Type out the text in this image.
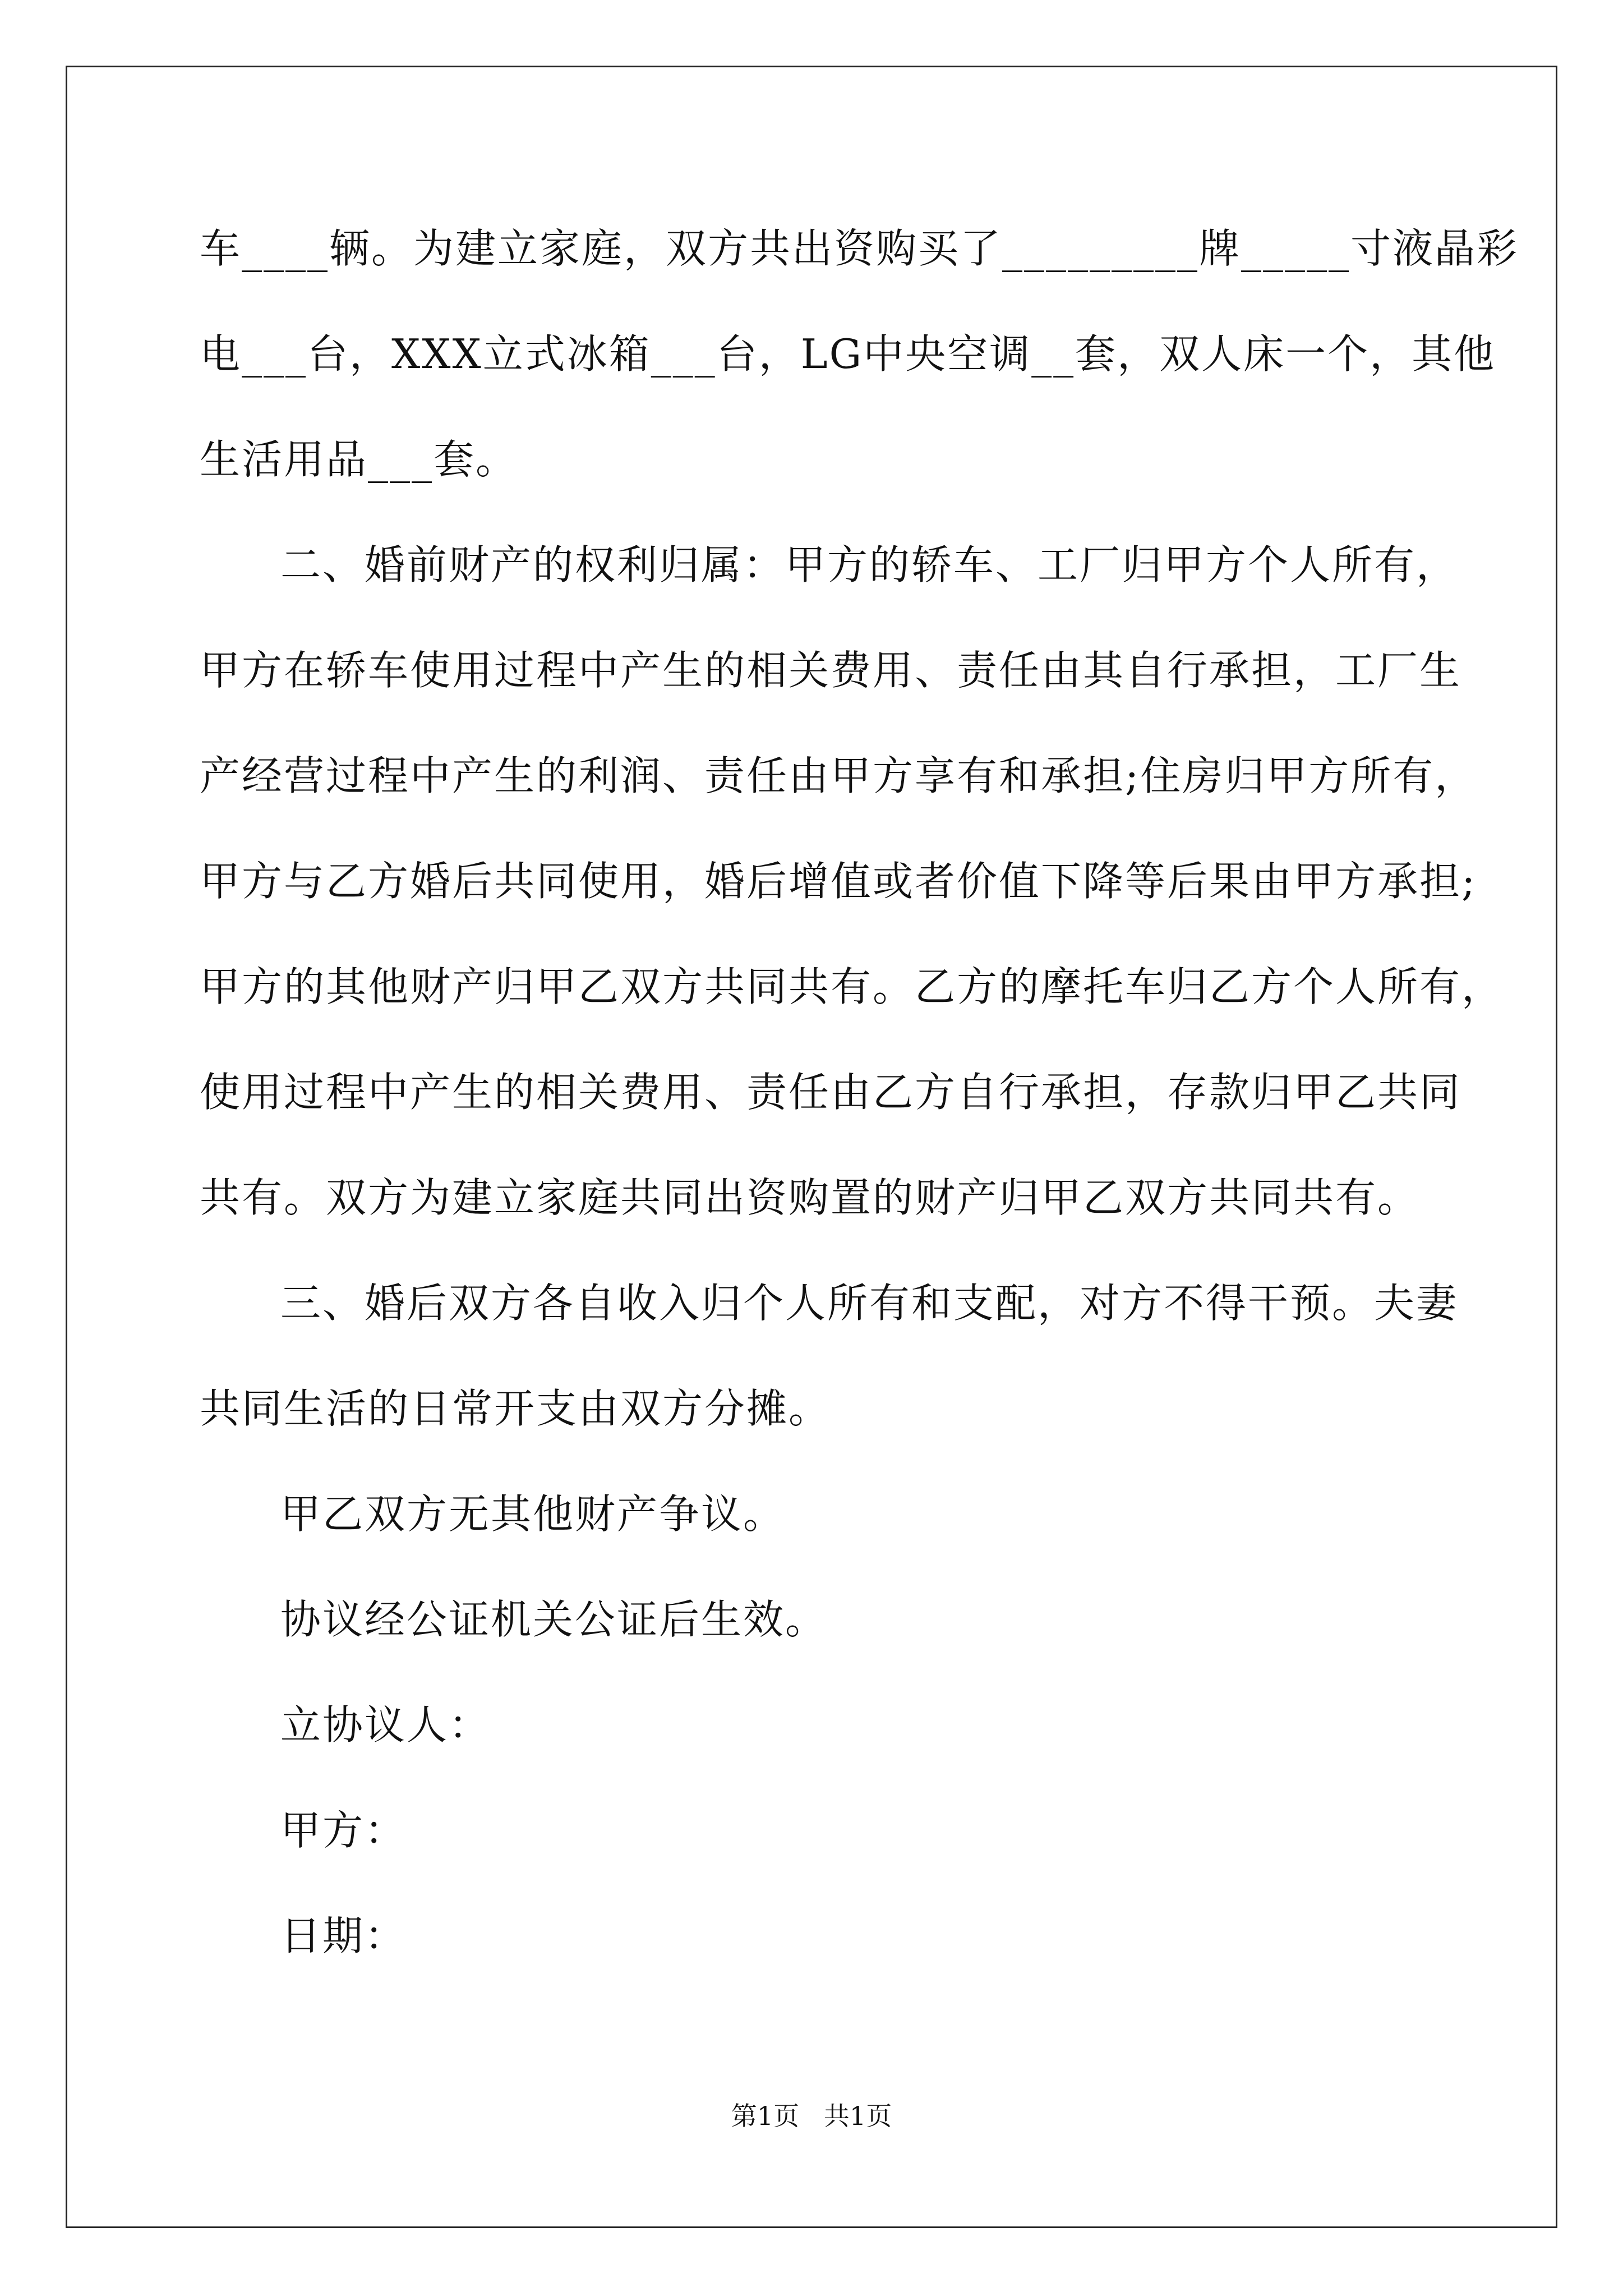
车____辆。为建立家庭，双方共出资购买了_________牌_____寸液晶彩
电___台，XXX立式冰箱___台，LG中央空调__套，双人床一个，其他
生活用品___套。
二、婚前财产的权利归属：甲方的轿车、工厂归甲方个人所有，
甲方在轿车使用过程中产生的相关费用、责任由其自行承担，工厂生
产经营过程中产生的利润、责任由甲方享有和承担;住房归甲方所有，
甲方与乙方婚后共同使用，婚后增值或者价值下降等后果由甲方承担;
甲方的其他财产归甲乙双方共同共有。乙方的摩托车归乙方个人所有，
使用过程中产生的相关费用、责任由乙方自行承担，存款归甲乙共同
共有。双方为建立家庭共同出资购置的财产归甲乙双方共同共有。
三、婚后双方各自收入归个人所有和支配，对方不得干预。夫妻
共同生活的日常开支由双方分摊。
甲乙双方无其他财产争议。
协议经公证机关公证后生效。
立协议人：
甲方：
日期：
第1页   共1页
